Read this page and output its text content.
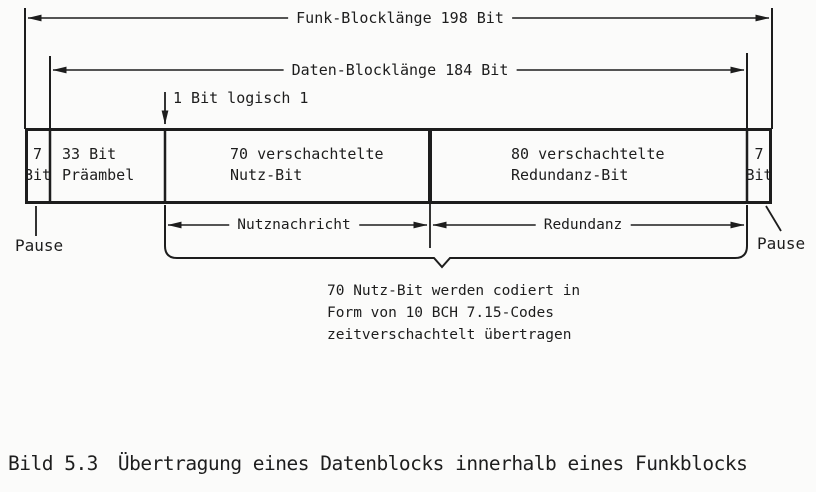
Funk-Blocklänge 198 Bit
Daten-Blocklänge 184 Bit
1 Bit logisch 1
7
Bit
33 Bit
Präambel
70 verschachtelte
Nutz-Bit
80 verschachtelte
Redundanz-Bit
7
Bit
Pause	Pause
Nutznachricht	Redundanz
70 Nutz-Bit werden codiert in
Form von 10 BCH 7.15-Codes
zeitverschachtelt übertragen
Bild 5.3 Übertragung eines Datenblocks innerhalb eines Funkblocks
